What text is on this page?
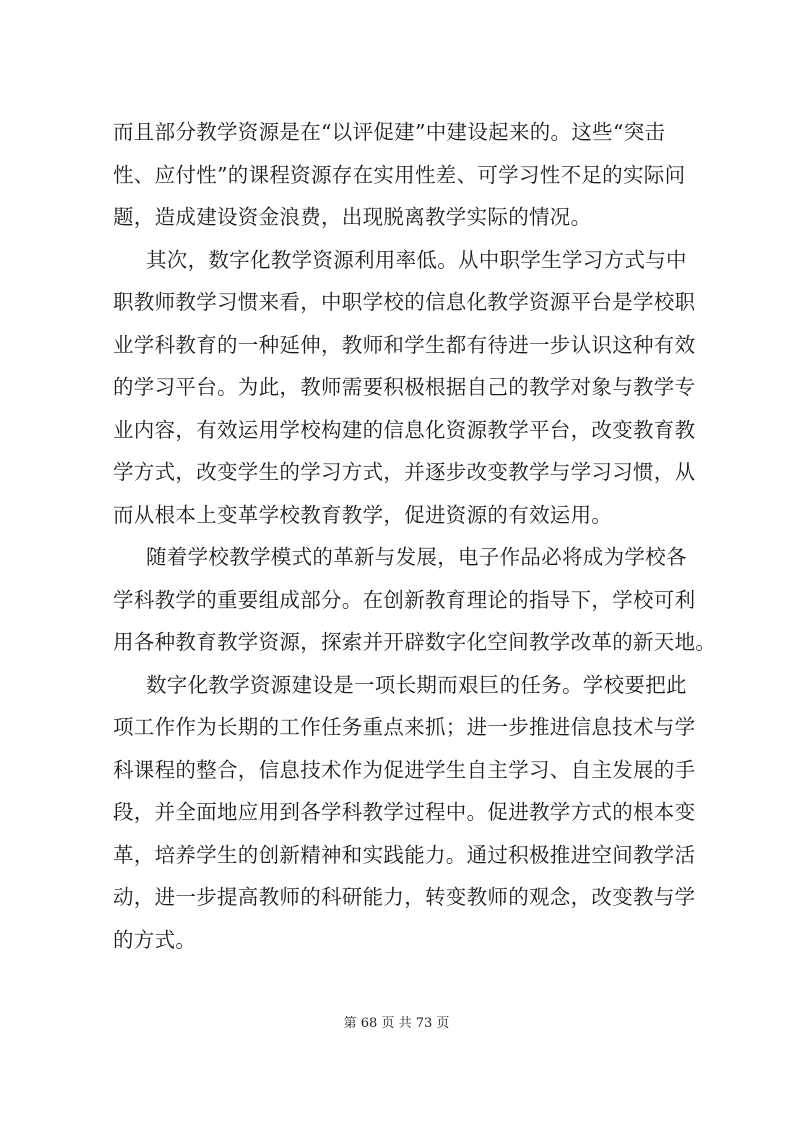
而且部分教学资源是在“以评促建”中建设起来的。这些“突击
性、应付性”的课程资源存在实用性差、可学习性不足的实际问
题，造成建设资金浪费，出现脱离教学实际的情况。
其次，数字化教学资源利用率低。从中职学生学习方式与中
职教师教学习惯来看，中职学校的信息化教学资源平台是学校职
业学科教育的一种延伸，教师和学生都有待进一步认识这种有效
的学习平台。为此，教师需要积极根据自己的教学对象与教学专
业内容，有效运用学校构建的信息化资源教学平台，改变教育教
学方式，改变学生的学习方式，并逐步改变教学与学习习惯，从
而从根本上变革学校教育教学，促进资源的有效运用。
随着学校教学模式的革新与发展，电子作品必将成为学校各
学科教学的重要组成部分。在创新教育理论的指导下，学校可利
用各种教育教学资源，探索并开辟数字化空间教学改革的新天地。
数字化教学资源建设是一项长期而艰巨的任务。学校要把此
项工作作为长期的工作任务重点来抓；进一步推进信息技术与学
科课程的整合，信息技术作为促进学生自主学习、自主发展的手
段，并全面地应用到各学科教学过程中。促进教学方式的根本变
革，培养学生的创新精神和实践能力。通过积极推进空间教学活
动，进一步提高教师的科研能力，转变教师的观念，改变教与学
的方式。
第 68 页 共 73 页
